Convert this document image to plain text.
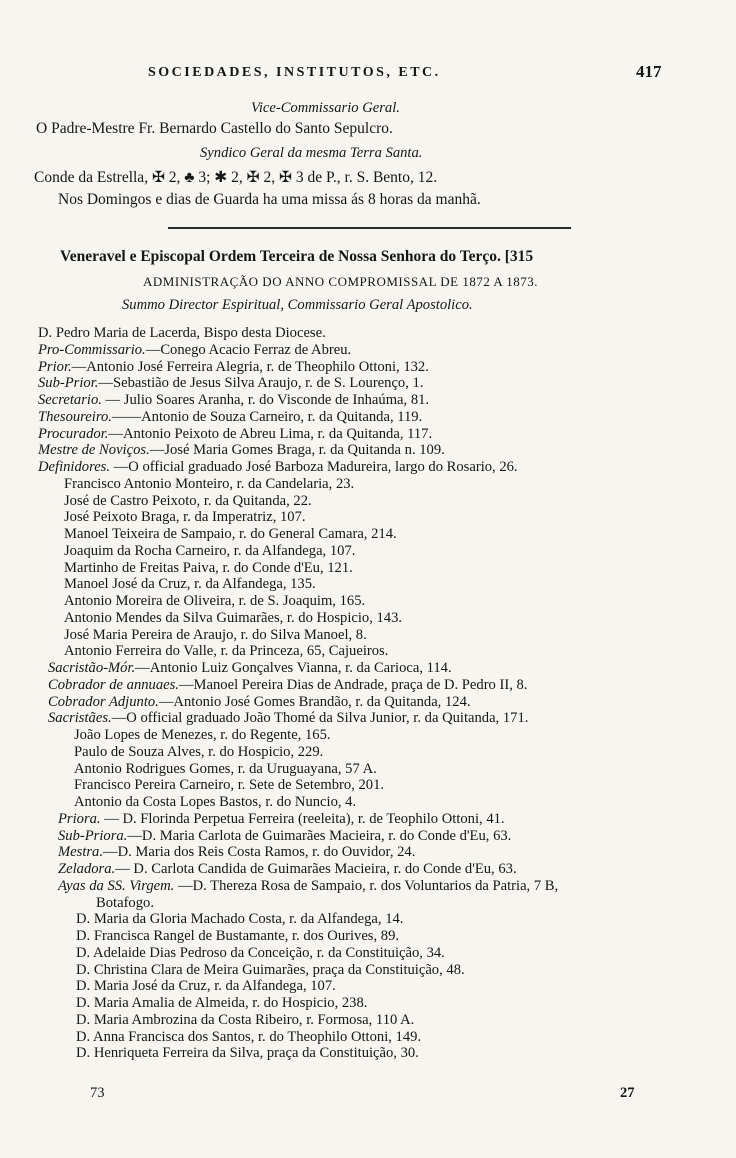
SOCIEDADES, INSTITUTOS, ETC.	417
Vice-Commissario Geral.
O Padre-Mestre Fr. Bernardo Castello do Santo Sepulcro.
Syndico Geral da mesma Terra Santa.
Conde da Estrella, ✠ 2, ♣ 3; ✱ 2, ✠ 2, ✠ 3 de P., r. S. Bento, 12.
Nos Domingos e dias de Guarda ha uma missa ás 8 horas da manhã.
Veneravel e Episcopal Ordem Terceira de Nossa Senhora do Terço. [315
ADMINISTRAÇÃO DO ANNO COMPROMISSAL DE 1872 A 1873.
Summo Director Espiritual, Commissario Geral Apostolico.
D. Pedro Maria de Lacerda, Bispo desta Diocese.
Pro-Commissario.—Conego Acacio Ferraz de Abreu.
Prior.—Antonio José Ferreira Alegria, r. de Theophilo Ottoni, 132.
Sub-Prior.—Sebastião de Jesus Silva Araujo, r. de S. Lourenço, 1.
Secretario. — Julio Soares Aranha, r. do Visconde de Inhaúma, 81.
Thesoureiro.——Antonio de Souza Carneiro, r. da Quitanda, 119.
Procurador.—Antonio Peixoto de Abreu Lima, r. da Quitanda, 117.
Mestre de Noviços.—José Maria Gomes Braga, r. da Quitanda n. 109.
Definidores. —O official graduado José Barboza Madureira, largo do Rosario, 26.
Francisco Antonio Monteiro, r. da Candelaria, 23.
José de Castro Peixoto, r. da Quitanda, 22.
José Peixoto Braga, r. da Imperatriz, 107.
Manoel Teixeira de Sampaio, r. do General Camara, 214.
Joaquim da Rocha Carneiro, r. da Alfandega, 107.
Martinho de Freitas Paiva, r. do Conde d'Eu, 121.
Manoel José da Cruz, r. da Alfandega, 135.
Antonio Moreira de Oliveira, r. de S. Joaquim, 165.
Antonio Mendes da Silva Guimarães, r. do Hospicio, 143.
José Maria Pereira de Araujo, r. do Silva Manoel, 8.
Antonio Ferreira do Valle, r. da Princeza, 65, Cajueiros.
Sacristão-Mór.—Antonio Luiz Gonçalves Vianna, r. da Carioca, 114.
Cobrador de annuaes.—Manoel Pereira Dias de Andrade, praça de D. Pedro II, 8.
Cobrador Adjunto.—Antonio José Gomes Brandão, r. da Quitanda, 124.
Sacristães.—O official graduado João Thomé da Silva Junior, r. da Quitanda, 171.
João Lopes de Menezes, r. do Regente, 165.
Paulo de Souza Alves, r. do Hospicio, 229.
Antonio Rodrigues Gomes, r. da Uruguayana, 57 A.
Francisco Pereira Carneiro, r. Sete de Setembro, 201.
Antonio da Costa Lopes Bastos, r. do Nuncio, 4.
Priora. — D. Florinda Perpetua Ferreira (reeleita), r. de Teophilo Ottoni, 41.
Sub-Priora.—D. Maria Carlota de Guimarães Macieira, r. do Conde d'Eu, 63.
Mestra.—D. Maria dos Reis Costa Ramos, r. do Ouvidor, 24.
Zeladora.— D. Carlota Candida de Guimarães Macieira, r. do Conde d'Eu, 63.
Ayas da SS. Virgem. —D. Thereza Rosa de Sampaio, r. dos Voluntarios da Patria, 7 B,
Botafogo.
D. Maria da Gloria Machado Costa, r. da Alfandega, 14.
D. Francisca Rangel de Bustamante, r. dos Ourives, 89.
D. Adelaide Dias Pedroso da Conceição, r. da Constituição, 34.
D. Christina Clara de Meira Guimarães, praça da Constituição, 48.
D. Maria José da Cruz, r. da Alfandega, 107.
D. Maria Amalia de Almeida, r. do Hospicio, 238.
D. Maria Ambrozina da Costa Ribeiro, r. Formosa, 110 A.
D. Anna Francisca dos Santos, r. do Theophilo Ottoni, 149.
D. Henriqueta Ferreira da Silva, praça da Constituição, 30.
73	27
